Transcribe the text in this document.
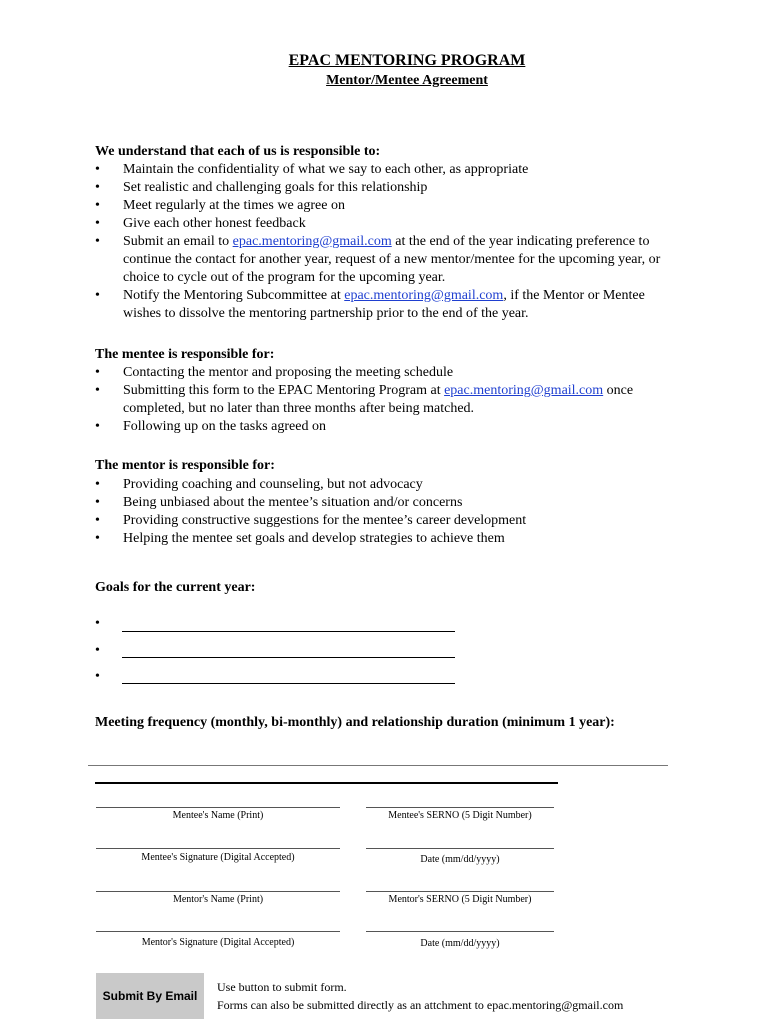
EPAC MENTORING PROGRAM
Mentor/Mentee Agreement
We understand that each of us is responsible to:
• Maintain the confidentiality of what we say to each other, as appropriate
• Set realistic and challenging goals for this relationship
• Meet regularly at the times we agree on
• Give each other honest feedback
• Submit an email to epac.mentoring@gmail.com at the end of the year indicating preference to continue the contact for another year, request of a new mentor/mentee for the upcoming year, or choice to cycle out of the program for the upcoming year.
• Notify the Mentoring Subcommittee at epac.mentoring@gmail.com, if the Mentor or Mentee wishes to dissolve the mentoring partnership prior to the end of the year.
The mentee is responsible for:
• Contacting the mentor and proposing the meeting schedule
• Submitting this form to the EPAC Mentoring Program at epac.mentoring@gmail.com once completed, but no later than three months after being matched.
• Following up on the tasks agreed on
The mentor is responsible for:
• Providing coaching and counseling, but not advocacy
• Being unbiased about the mentee’s situation and/or concerns
• Providing constructive suggestions for the mentee’s career development
• Helping the mentee set goals and develop strategies to achieve them
Goals for the current year:
•
•
•
Meeting frequency (monthly, bi-monthly) and relationship duration (minimum 1 year):
Mentee's Name (Print)	Mentee's SERNO (5 Digit Number)
Mentee's Signature (Digital Accepted)	Date (mm/dd/yyyy)
Mentor's Name (Print)	Mentor's SERNO (5 Digit Number)
Mentor's Signature (Digital Accepted)	Date (mm/dd/yyyy)
Submit By Email
Use button to submit form.
Forms can also be submitted directly as an attchment to epac.mentoring@gmail.com
